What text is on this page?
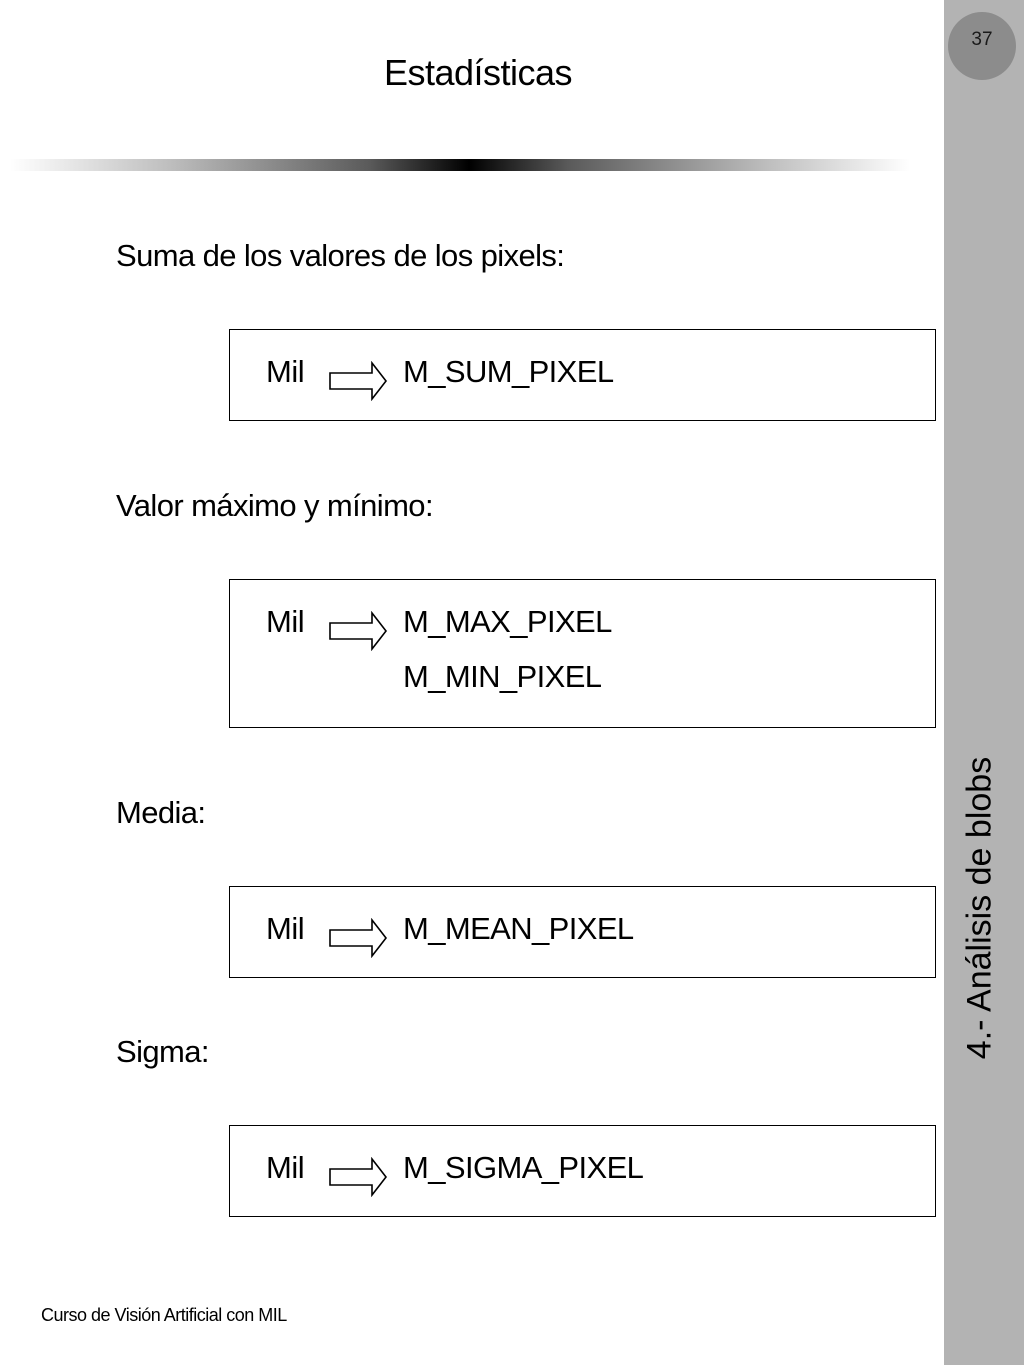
37
4.- Análisis de blobs
Estadísticas
Suma de los valores de los pixels:
Mil	M_SUM_PIXEL
Valor máximo y mínimo:
Mil	M_MAX_PIXEL
M_MIN_PIXEL
Media:
Mil	M_MEAN_PIXEL
Sigma:
Mil	M_SIGMA_PIXEL
Curso de Visión Artificial con MIL
